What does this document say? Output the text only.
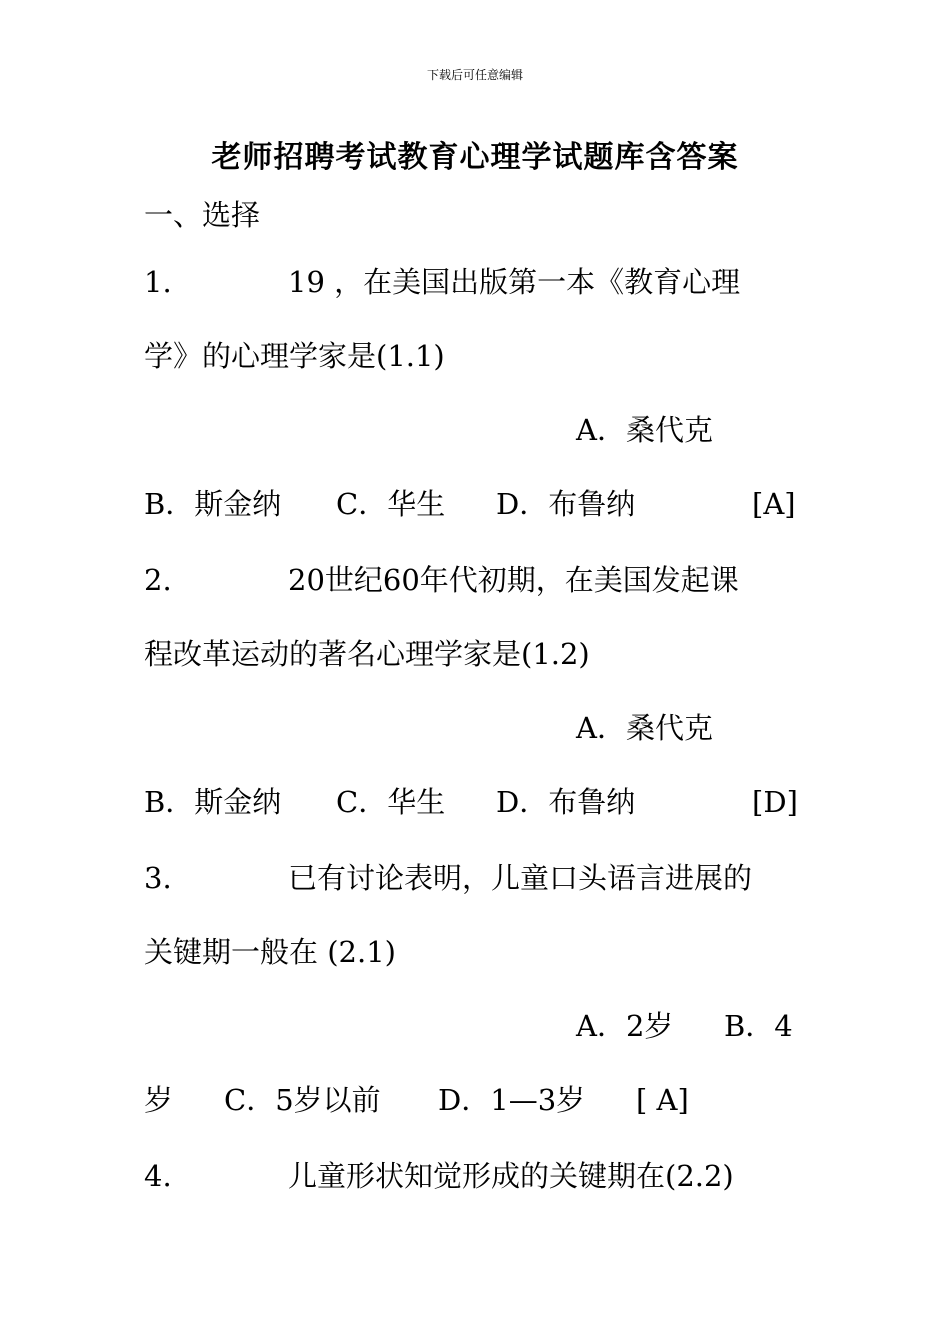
下载后可任意编辑
老师招聘考试教育心理学试题库含答案
一、选择
1.	19 ，在美国出版第一本《教育心理
学》的心理学家是(1.1)
A．桑代克
B．斯金纳 C．华生 D．布鲁纳	[A]
2.	20世纪60年代初期，在美国发起课
程改革运动的著名心理学家是(1.2)
A．桑代克
B．斯金纳 C．华生 D．布鲁纳	[D]
3.	已有讨论表明，儿童口头语言进展的
关键期一般在 (2.1)
A．2岁 B．4
岁 C．5岁以前 D．1—3岁 [ A]
4.	儿童形状知觉形成的关键期在(2.2)
